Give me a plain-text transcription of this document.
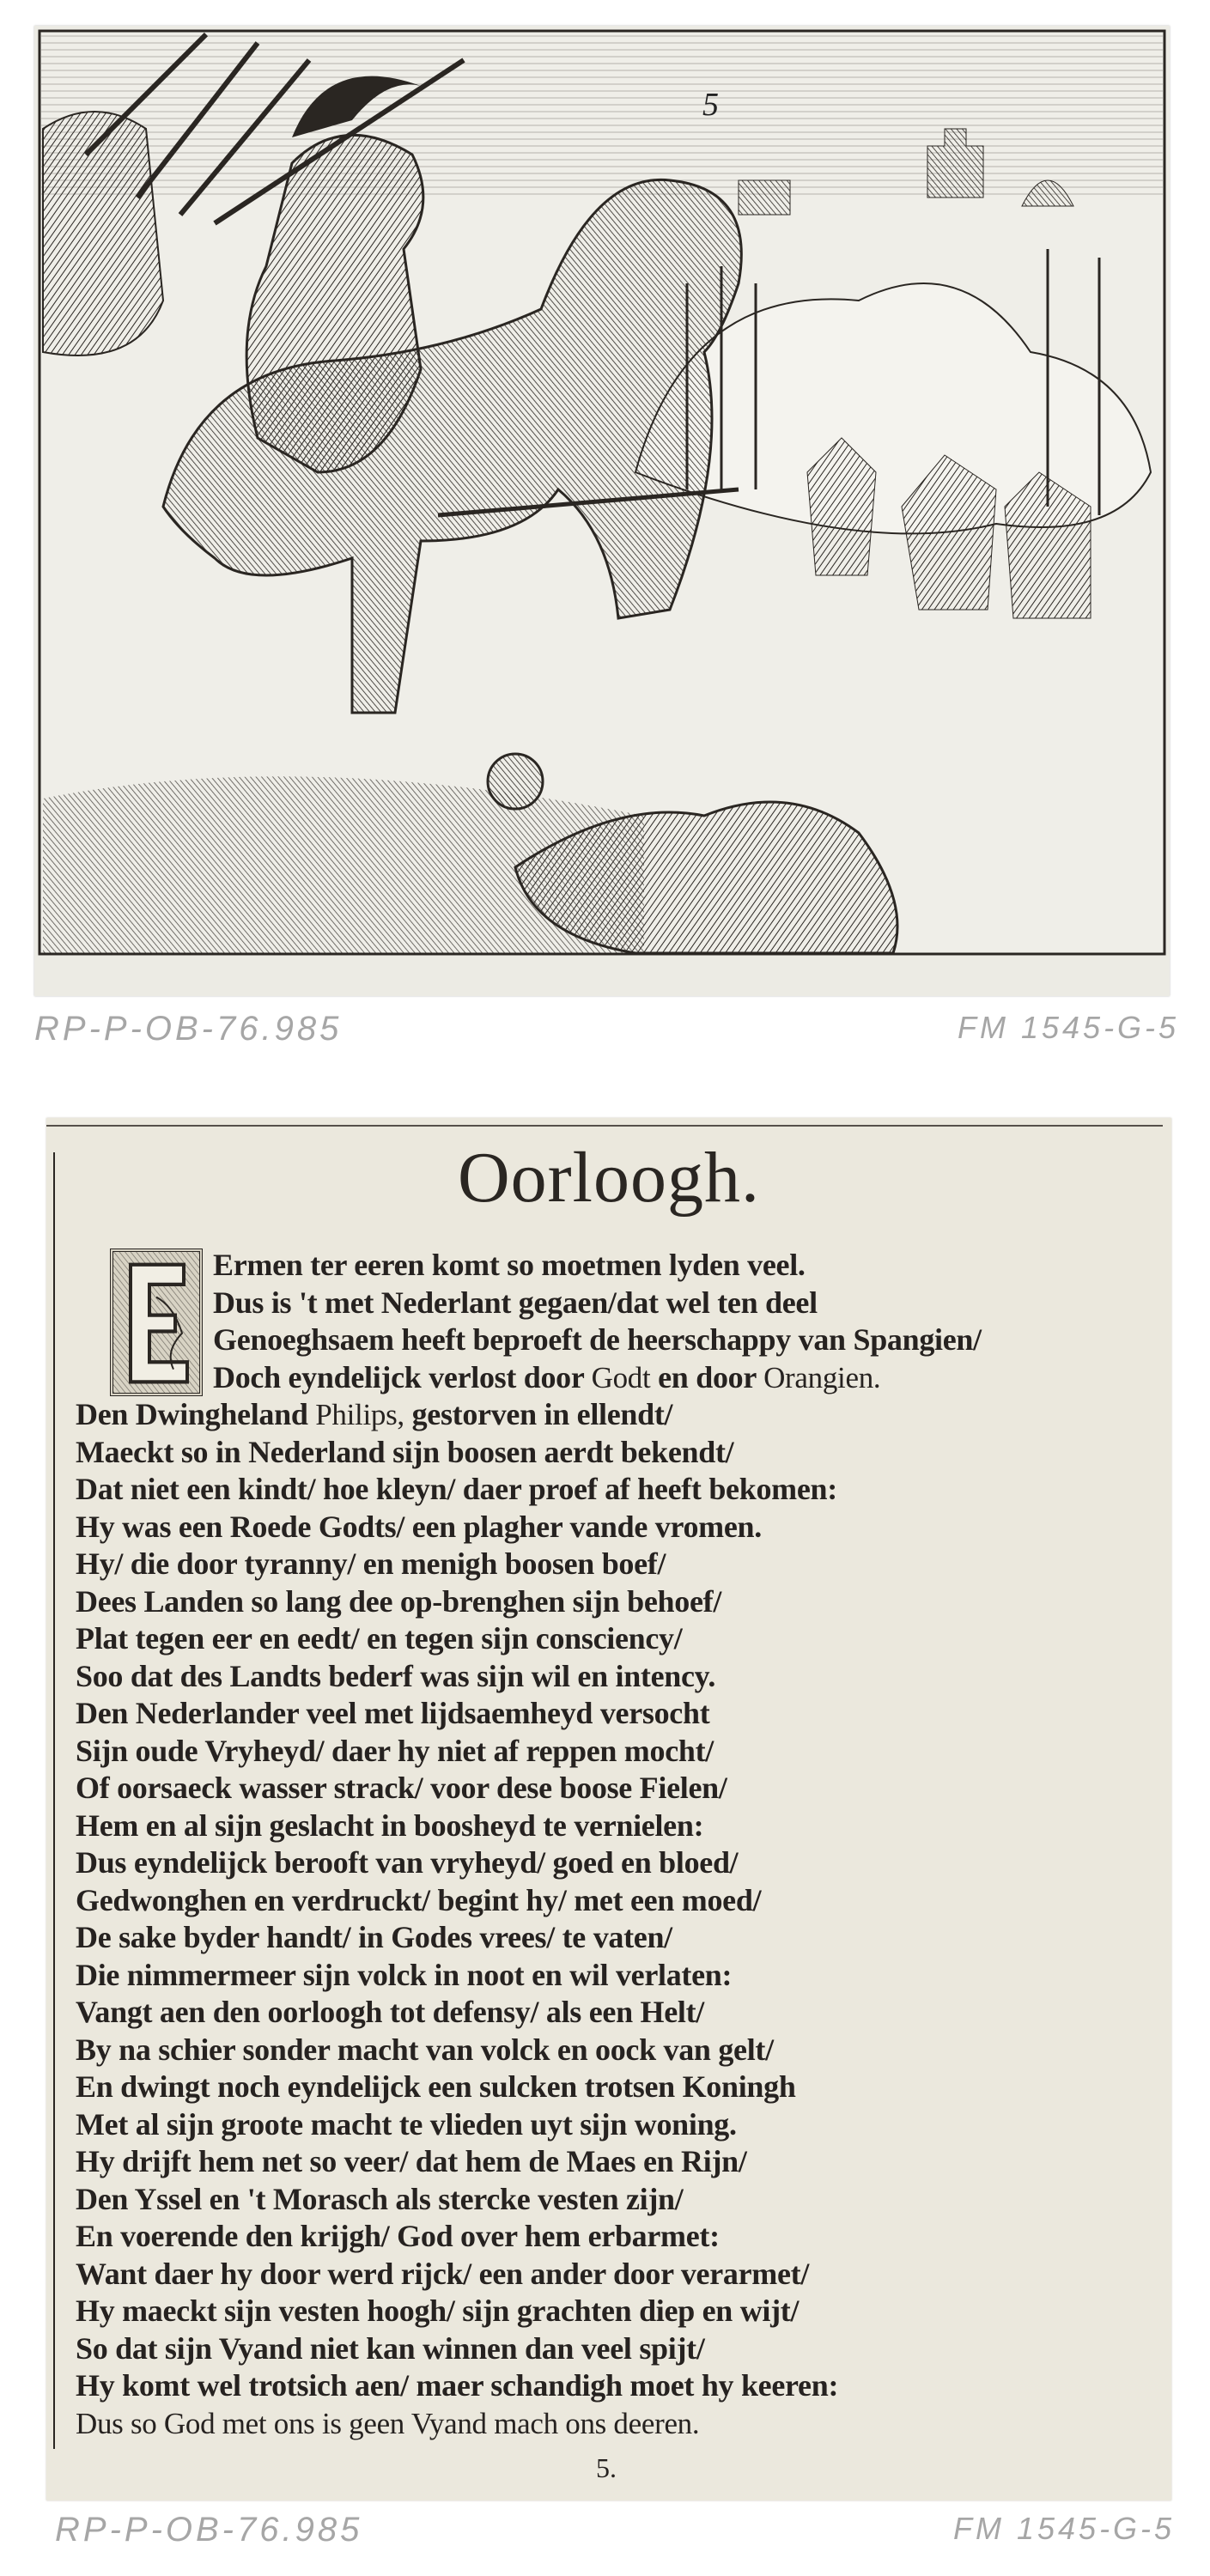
5
RP-P-OB-76.985	FM 1545-G-5
Oorloogh.
Ermen ter eeren komt so moetmen lyden veel.
Dus is 't met Nederlant gegaen/dat wel ten deel
Genoeghsaem heeft beproeft de heerschappy van Spangien/
Doch eyndelijck verlost door Godt en door Orangien.
Den Dwingheland Philips, gestorven in ellendt/
Maeckt so in Nederland sijn boosen aerdt bekendt/
Dat niet een kindt/ hoe kleyn/ daer proef af heeft bekomen:
Hy was een Roede Godts/ een plagher vande vromen.
Hy/ die door tyranny/ en menigh boosen boef/
Dees Landen so lang dee op-brenghen sijn behoef/
Plat tegen eer en eedt/ en tegen sijn consciency/
Soo dat des Landts bederf was sijn wil en intency.
Den Nederlander veel met lijdsaemheyd versocht
Sijn oude Vryheyd/ daer hy niet af reppen mocht/
Of oorsaeck wasser strack/ voor dese boose Fielen/
Hem en al sijn geslacht in boosheyd te vernielen:
Dus eyndelijck berooft van vryheyd/ goed en bloed/
Gedwonghen en verdruckt/ begint hy/ met een moed/
De sake byder handt/ in Godes vrees/ te vaten/
Die nimmermeer sijn volck in noot en wil verlaten:
Vangt aen den oorloogh tot defensy/ als een Helt/
By na schier sonder macht van volck en oock van gelt/
En dwingt noch eyndelijck een sulcken trotsen Koningh
Met al sijn groote macht te vlieden uyt sijn woning.
Hy drijft hem net so veer/ dat hem de Maes en Rijn/
Den Yssel en 't Morasch als stercke vesten zijn/
En voerende den krijgh/ God over hem erbarmet:
Want daer hy door werd rijck/ een ander door verarmet/
Hy maeckt sijn vesten hoogh/ sijn grachten diep en wijt/
So dat sijn Vyand niet kan winnen dan veel spijt/
Hy komt wel trotsich aen/ maer schandigh moet hy keeren:
Dus so God met ons is geen Vyand mach ons deeren.
5.
RP-P-OB-76.985	FM 1545-G-5
